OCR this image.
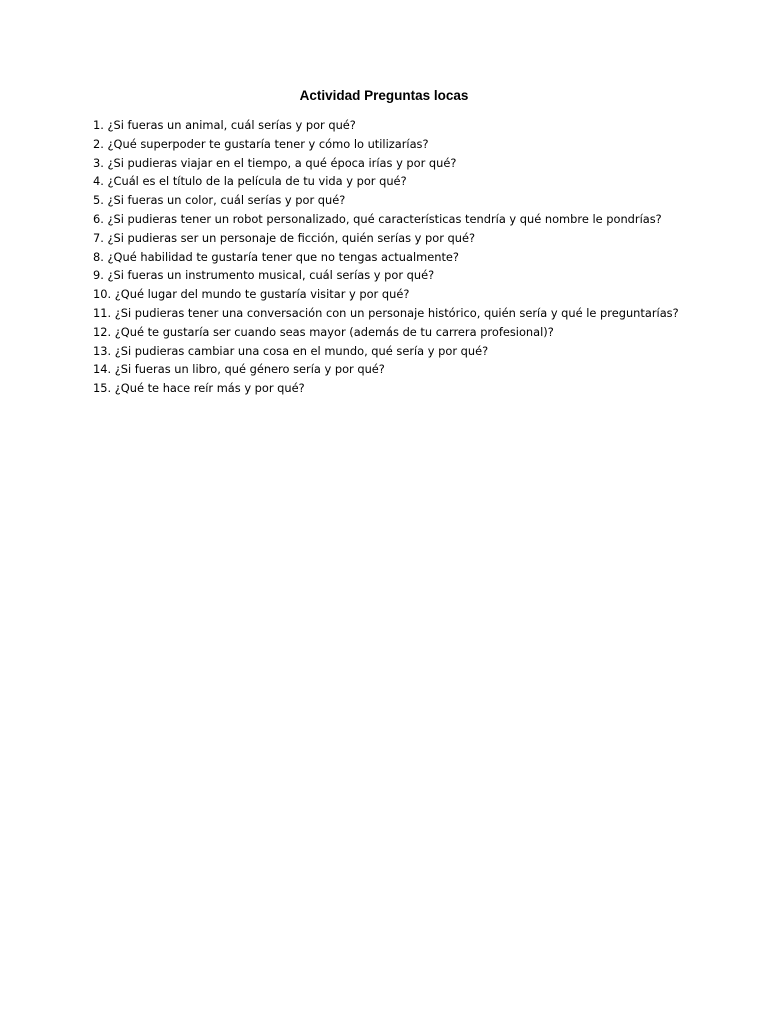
Actividad Preguntas locas
1. ¿Si fueras un animal, cuál serías y por qué?
2. ¿Qué superpoder te gustaría tener y cómo lo utilizarías?
3. ¿Si pudieras viajar en el tiempo, a qué época irías y por qué?
4. ¿Cuál es el título de la película de tu vida y por qué?
5. ¿Si fueras un color, cuál serías y por qué?
6. ¿Si pudieras tener un robot personalizado, qué características tendría y qué nombre le pondrías?
7. ¿Si pudieras ser un personaje de ficción, quién serías y por qué?
8. ¿Qué habilidad te gustaría tener que no tengas actualmente?
9. ¿Si fueras un instrumento musical, cuál serías y por qué?
10. ¿Qué lugar del mundo te gustaría visitar y por qué?
11. ¿Si pudieras tener una conversación con un personaje histórico, quién sería y qué le preguntarías?
12. ¿Qué te gustaría ser cuando seas mayor (además de tu carrera profesional)?
13. ¿Si pudieras cambiar una cosa en el mundo, qué sería y por qué?
14. ¿Si fueras un libro, qué género sería y por qué?
15. ¿Qué te hace reír más y por qué?
